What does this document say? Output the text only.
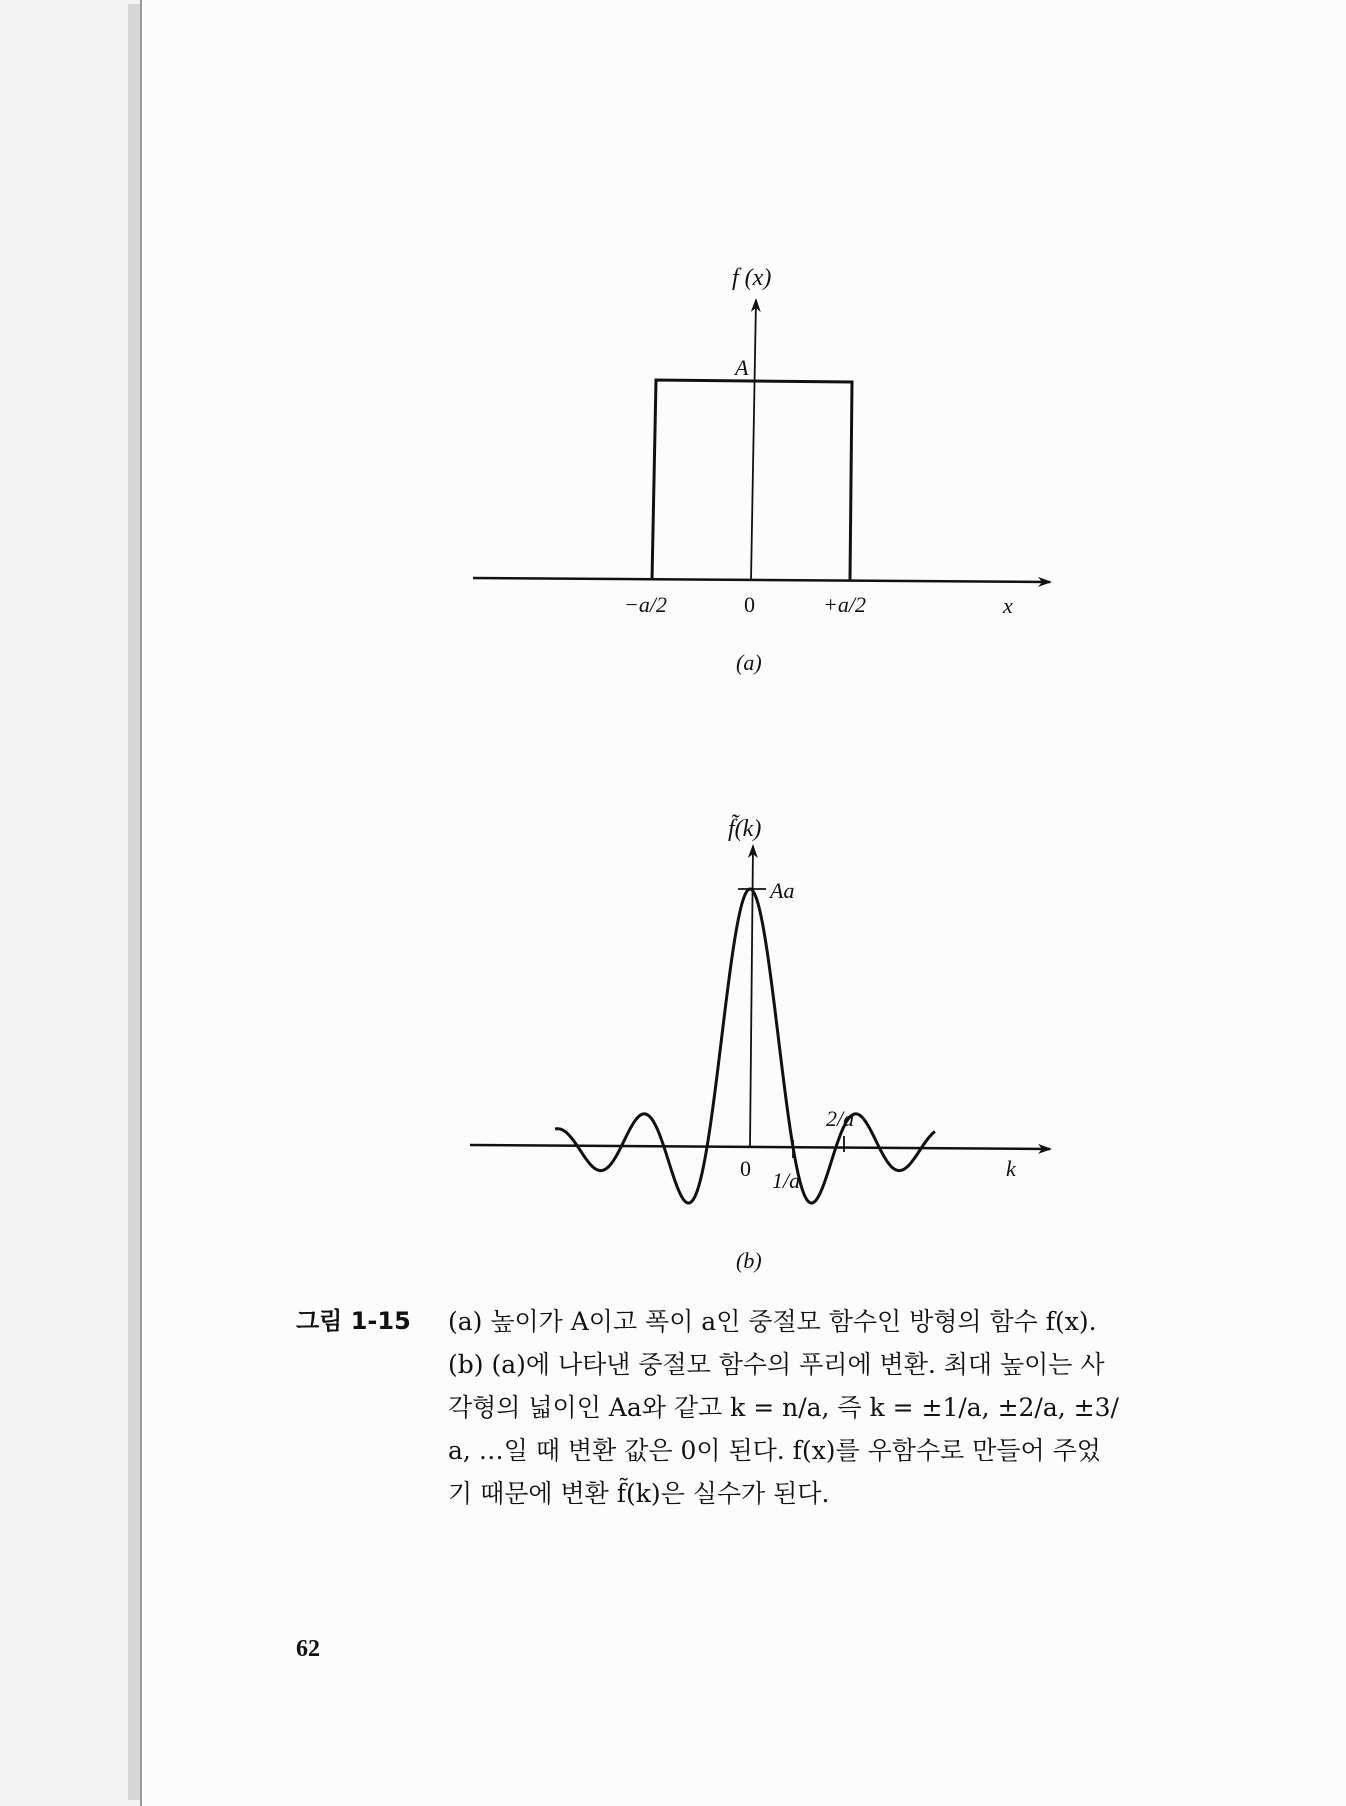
f (x)
A
−a/2	0	+a/2	x
(a)
f̃(k)
Aa
0 1/a
2/a
k
(b)
그림 1-15 (a) 높이가 A이고 폭이 a인 중절모 함수인 방형의 함수 f(x).
(b) (a)에 나타낸 중절모 함수의 푸리에 변환. 최대 높이는 사
각형의 넓이인 Aa와 같고 k = n/a, 즉 k = ±1/a, ±2/a, ±3/
a, …일 때 변환 값은 0이 된다. f(x)를 우함수로 만들어 주었
기 때문에 변환 f̃(k)은 실수가 된다.
62
